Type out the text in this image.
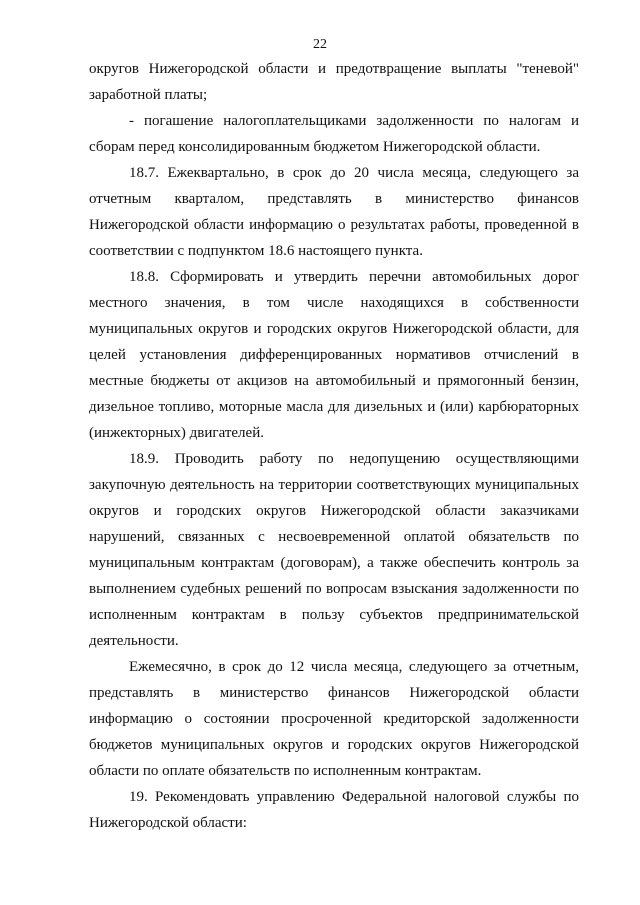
22

округов Нижегородской области и предотвращение выплаты "теневой" заработной платы;

- погашение налогоплательщиками задолженности по налогам и сборам перед консолидированным бюджетом Нижегородской области.

18.7. Ежеквартально, в срок до 20 числа месяца, следующего за отчетным кварталом, представлять в министерство финансов Нижегородской области информацию о результатах работы, проведенной в соответствии с подпунктом 18.6 настоящего пункта.

18.8. Сформировать и утвердить перечни автомобильных дорог местного значения, в том числе находящихся в собственности муниципальных округов и городских округов Нижегородской области, для целей установления дифференцированных нормативов отчислений в местные бюджеты от акцизов на автомобильный и прямогонный бензин, дизельное топливо, моторные масла для дизельных и (или) карбюраторных (инжекторных) двигателей.

18.9. Проводить работу по недопущению осуществляющими закупочную деятельность на территории соответствующих муниципальных округов и городских округов Нижегородской области заказчиками нарушений, связанных с несвоевременной оплатой обязательств по муниципальным контрактам (договорам), а также обеспечить контроль за выполнением судебных решений по вопросам взыскания задолженности по исполненным контрактам в пользу субъектов предпринимательской деятельности.

Ежемесячно, в срок до 12 числа месяца, следующего за отчетным, представлять в министерство финансов Нижегородской области информацию о состоянии просроченной кредиторской задолженности бюджетов муниципальных округов и городских округов Нижегородской области по оплате обязательств по исполненным контрактам.

19. Рекомендовать управлению Федеральной налоговой службы по Нижегородской области:
